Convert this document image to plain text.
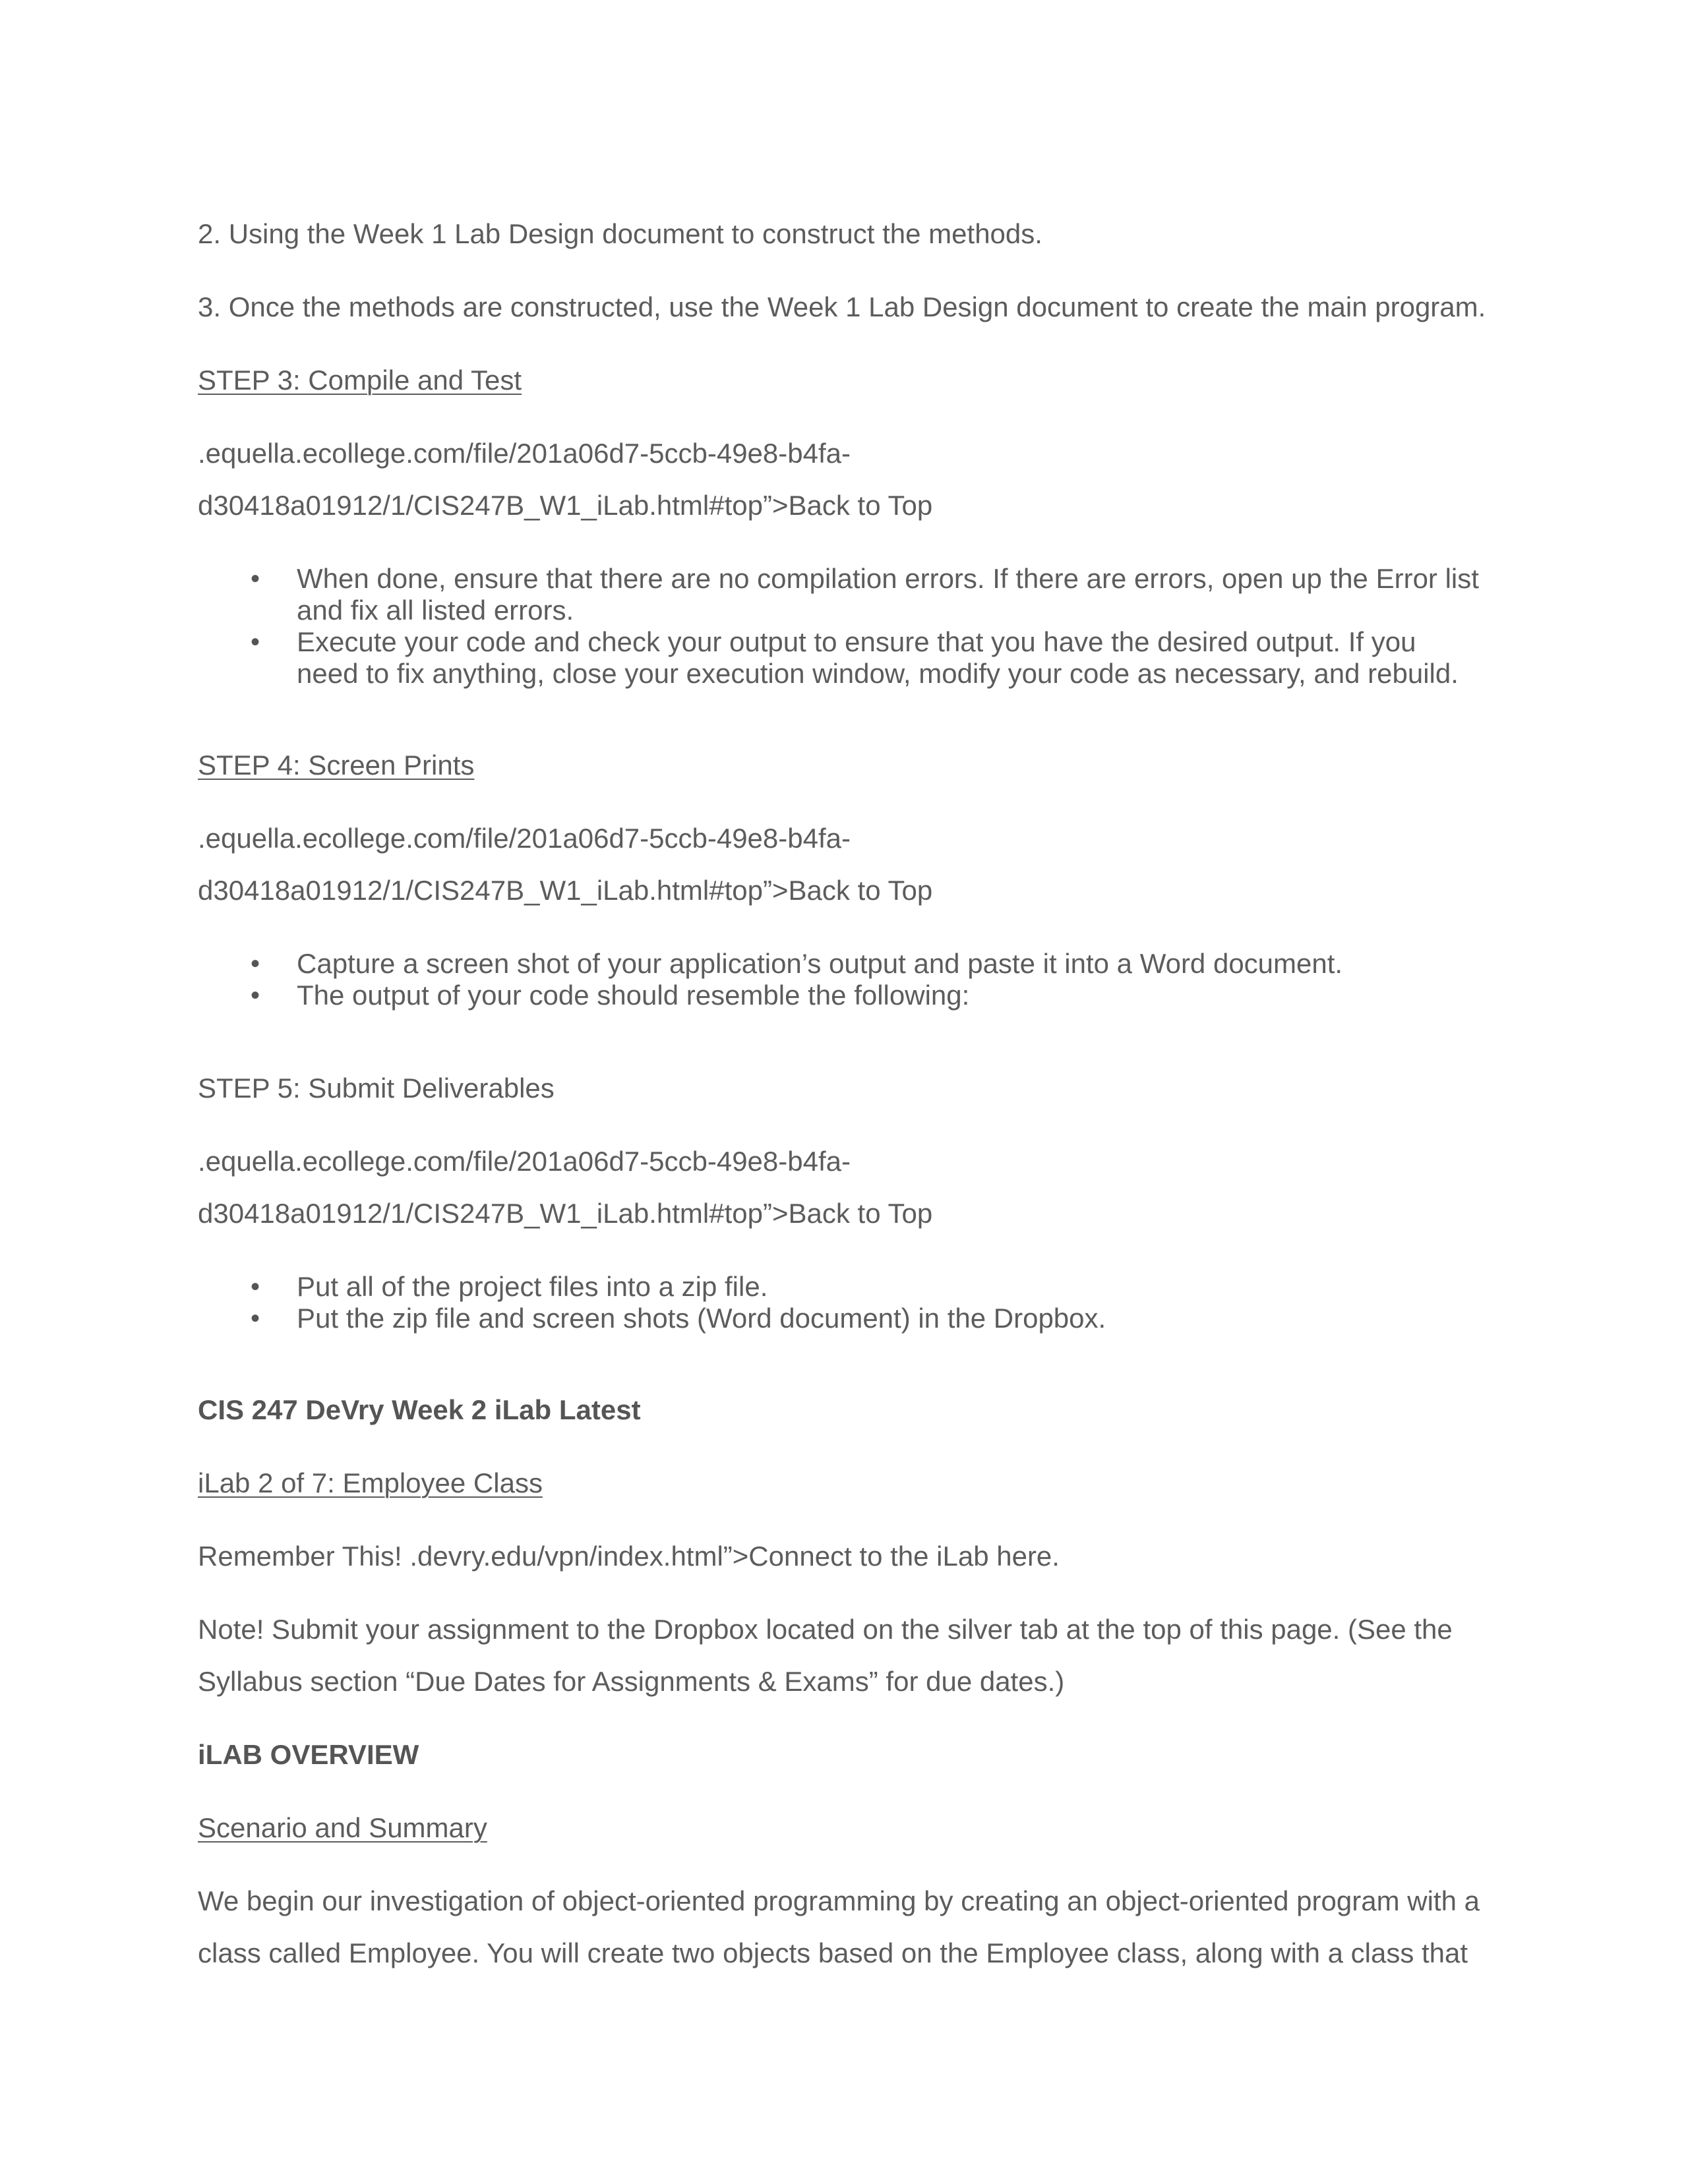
2. Using the Week 1 Lab Design document to construct the methods.
3. Once the methods are constructed, use the Week 1 Lab Design document to create the main program.
STEP 3: Compile and Test
.equella.ecollege.com/file/201a06d7-5ccb-49e8-b4fa-
d30418a01912/1/CIS247B_W1_iLab.html#top”>Back to Top
•	When done, ensure that there are no compilation errors. If there are errors, open up the Error list and fix all listed errors.
•	Execute your code and check your output to ensure that you have the desired output. If you need to fix anything, close your execution window, modify your code as necessary, and rebuild.
STEP 4: Screen Prints
.equella.ecollege.com/file/201a06d7-5ccb-49e8-b4fa-
d30418a01912/1/CIS247B_W1_iLab.html#top”>Back to Top
•	Capture a screen shot of your application’s output and paste it into a Word document.
•	The output of your code should resemble the following:
STEP 5: Submit Deliverables
.equella.ecollege.com/file/201a06d7-5ccb-49e8-b4fa-
d30418a01912/1/CIS247B_W1_iLab.html#top”>Back to Top
•	Put all of the project files into a zip file.
•	Put the zip file and screen shots (Word document) in the Dropbox.
CIS 247 DeVry Week 2 iLab Latest
iLab 2 of 7: Employee Class
Remember This! .devry.edu/vpn/index.html”>Connect to the iLab here.
Note! Submit your assignment to the Dropbox located on the silver tab at the top of this page. (See the
Syllabus section “Due Dates for Assignments & Exams” for due dates.)
iLAB OVERVIEW
Scenario and Summary
We begin our investigation of object-oriented programming by creating an object-oriented program with a
class called Employee. You will create two objects based on the Employee class, along with a class that
